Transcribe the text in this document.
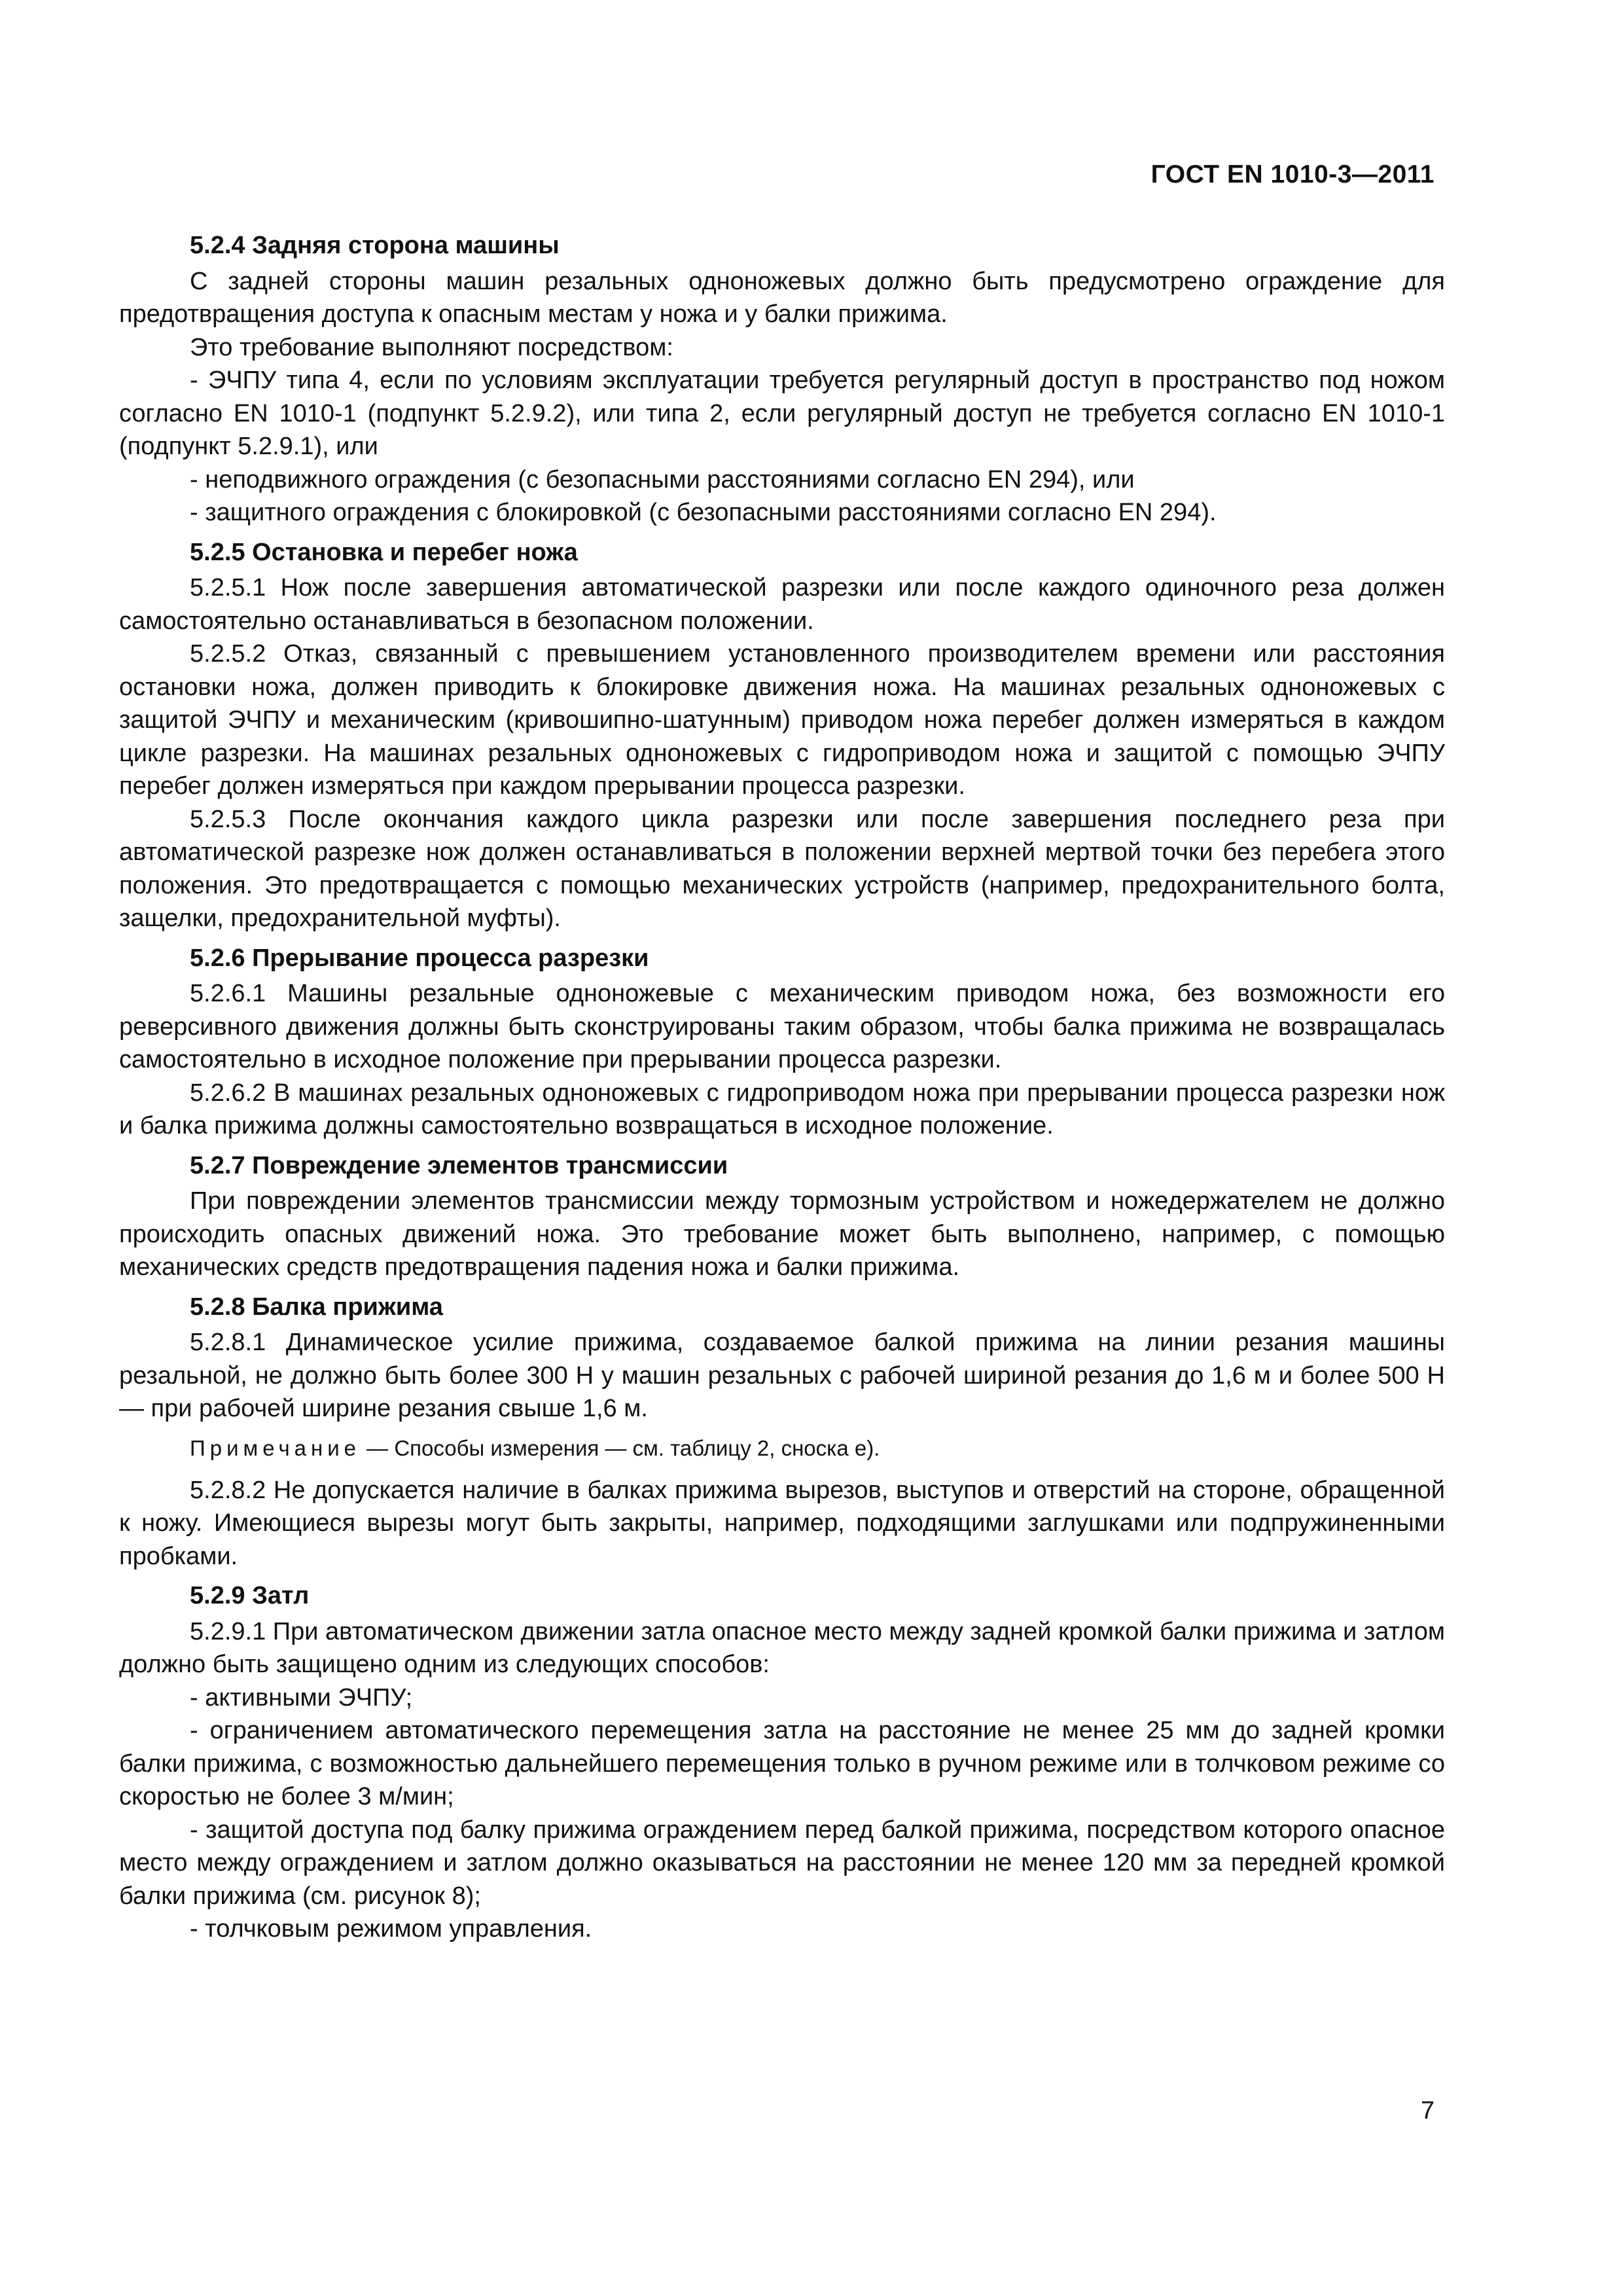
ГОСТ EN 1010-3—2011

5.2.4 Задняя сторона машины

С задней стороны машин резальных одноножевых должно быть предусмотрено ограждение для предотвращения доступа к опасным местам у ножа и у балки прижима.

Это требование выполняют посредством:

- ЭЧПУ типа 4, если по условиям эксплуатации требуется регулярный доступ в пространство под ножом согласно EN 1010-1 (подпункт 5.2.9.2), или типа 2, если регулярный доступ не требуется согласно EN 1010-1 (подпункт 5.2.9.1), или

- неподвижного ограждения (с безопасными расстояниями согласно EN 294), или

- защитного ограждения с блокировкой (с безопасными расстояниями согласно EN 294).

5.2.5 Остановка и перебег ножа

5.2.5.1 Нож после завершения автоматической разрезки или после каждого одиночного реза должен самостоятельно останавливаться в безопасном положении.

5.2.5.2 Отказ, связанный с превышением установленного производителем времени или расстояния остановки ножа, должен приводить к блокировке движения ножа. На машинах резальных одноножевых с защитой ЭЧПУ и механическим (кривошипно-шатунным) приводом ножа перебег должен измеряться в каждом цикле разрезки. На машинах резальных одноножевых с гидроприводом ножа и защитой с помощью ЭЧПУ перебег должен измеряться при каждом прерывании процесса разрезки.

5.2.5.3 После окончания каждого цикла разрезки или после завершения последнего реза при автоматической разрезке нож должен останавливаться в положении верхней мертвой точки без перебега этого положения. Это предотвращается с помощью механических устройств (например, предохранительного болта, защелки, предохранительной муфты).

5.2.6 Прерывание процесса разрезки

5.2.6.1 Машины резальные одноножевые с механическим приводом ножа, без возможности его реверсивного движения должны быть сконструированы таким образом, чтобы балка прижима не возвращалась самостоятельно в исходное положение при прерывании процесса разрезки.

5.2.6.2 В машинах резальных одноножевых с гидроприводом ножа при прерывании процесса разрезки нож и балка прижима должны самостоятельно возвращаться в исходное положение.

5.2.7 Повреждение элементов трансмиссии

При повреждении элементов трансмиссии между тормозным устройством и ножедержателем не должно происходить опасных движений ножа. Это требование может быть выполнено, например, с помощью механических средств предотвращения падения ножа и балки прижима.

5.2.8 Балка прижима

5.2.8.1 Динамическое усилие прижима, создаваемое балкой прижима на линии резания машины резальной, не должно быть более 300 Н у машин резальных с рабочей шириной резания до 1,6 м и более 500 Н — при рабочей ширине резания свыше 1,6 м.

Примечание — Способы измерения — см. таблицу 2, сноска е).

5.2.8.2 Не допускается наличие в балках прижима вырезов, выступов и отверстий на стороне, обращенной к ножу. Имеющиеся вырезы могут быть закрыты, например, подходящими заглушками или подпружиненными пробками.

5.2.9 Затл

5.2.9.1 При автоматическом движении затла опасное место между задней кромкой балки прижима и затлом должно быть защищено одним из следующих способов:

- активными ЭЧПУ;

- ограничением автоматического перемещения затла на расстояние не менее 25 мм до задней кромки балки прижима, с возможностью дальнейшего перемещения только в ручном режиме или в толчковом режиме со скоростью не более 3 м/мин;

- защитой доступа под балку прижима ограждением перед балкой прижима, посредством которого опасное место между ограждением и затлом должно оказываться на расстоянии не менее 120 мм за передней кромкой балки прижима (см. рисунок 8);

- толчковым режимом управления.

7
